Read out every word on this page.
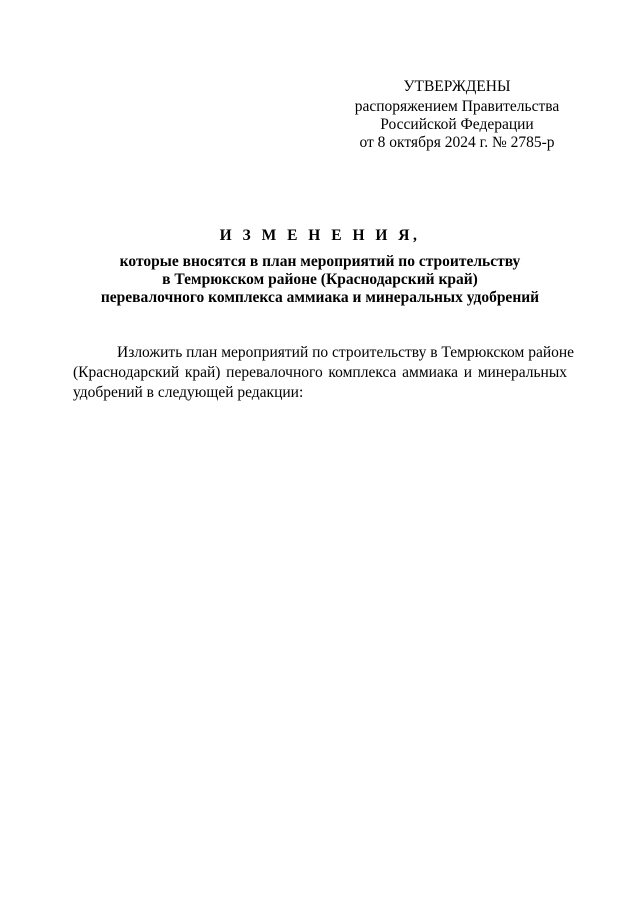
УТВЕРЖДЕНЫ
распоряжением Правительства
Российской Федерации
от 8 октября 2024 г. № 2785-р
И З М Е Н Е Н И Я,
которые вносятся в план мероприятий по строительству
в Темрюкском районе (Краснодарский край)
перевалочного комплекса аммиака и минеральных удобрений
Изложить план мероприятий по строительству в Темрюкском районе
(Краснодарский край) перевалочного комплекса аммиака и минеральных
удобрений в следующей редакции:
